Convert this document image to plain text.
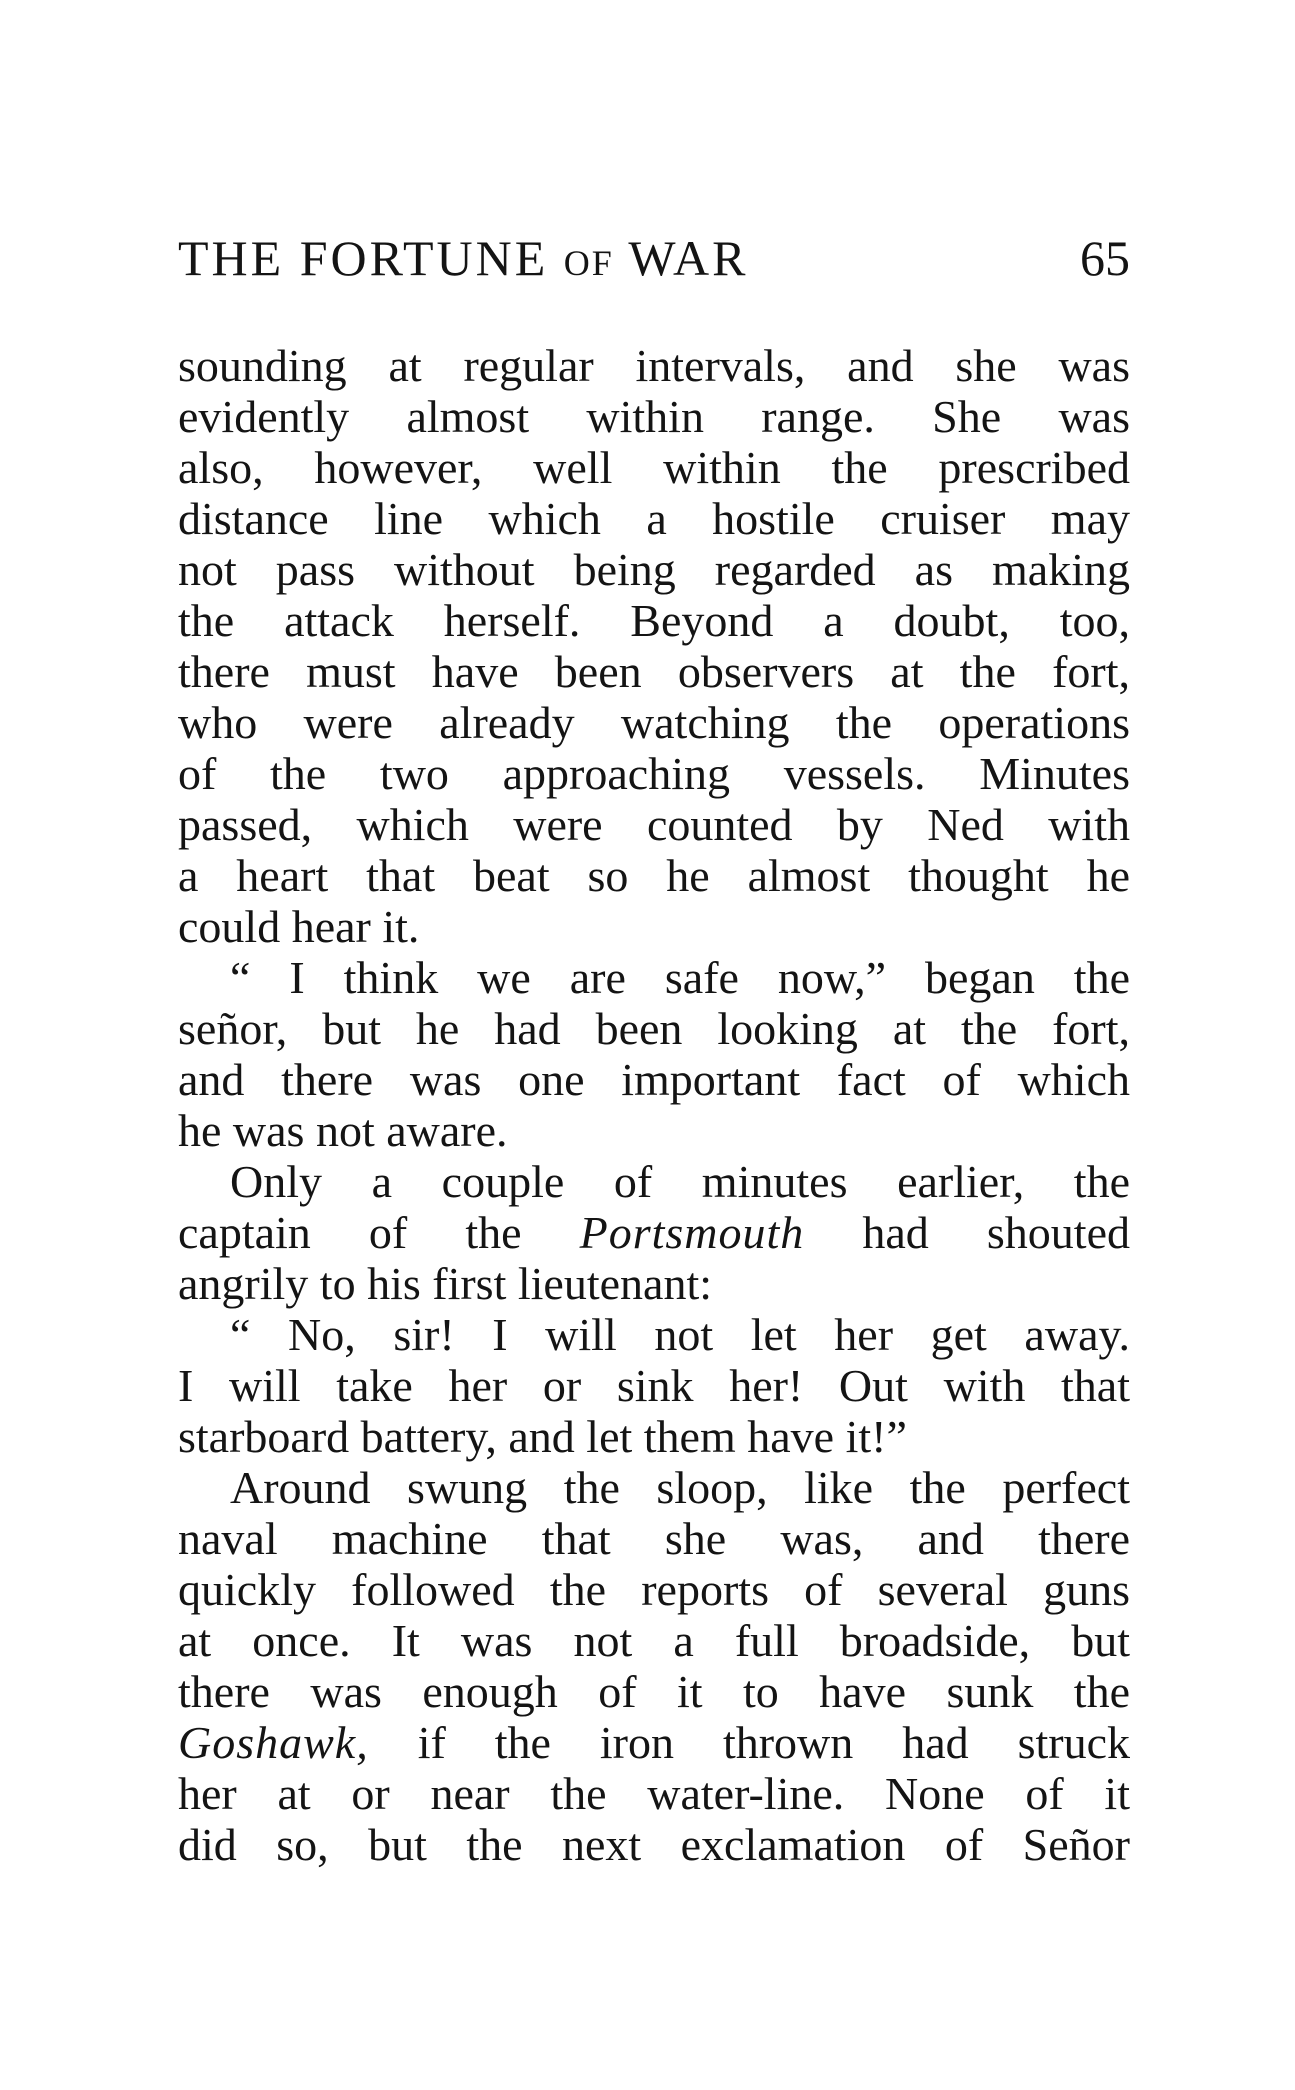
THE FORTUNE OF WAR	65
sounding at regular intervals, and she was
evidently almost within range. She was
also, however, well within the prescribed
distance line which a hostile cruiser may
not pass without being regarded as making
the attack herself. Beyond a doubt, too,
there must have been observers at the fort,
who were already watching the operations
of the two approaching vessels. Minutes
passed, which were counted by Ned with
a heart that beat so he almost thought he
could hear it.
“ I think we are safe now,” began the
señor, but he had been looking at the fort,
and there was one important fact of which
he was not aware.
Only a couple of minutes earlier, the
captain of the Portsmouth had shouted
angrily to his first lieutenant:
“ No, sir! I will not let her get away.
I will take her or sink her! Out with that
starboard battery, and let them have it!”
Around swung the sloop, like the perfect
naval machine that she was, and there
quickly followed the reports of several guns
at once. It was not a full broadside, but
there was enough of it to have sunk the
Goshawk, if the iron thrown had struck
her at or near the water-line. None of it
did so, but the next exclamation of Señor
